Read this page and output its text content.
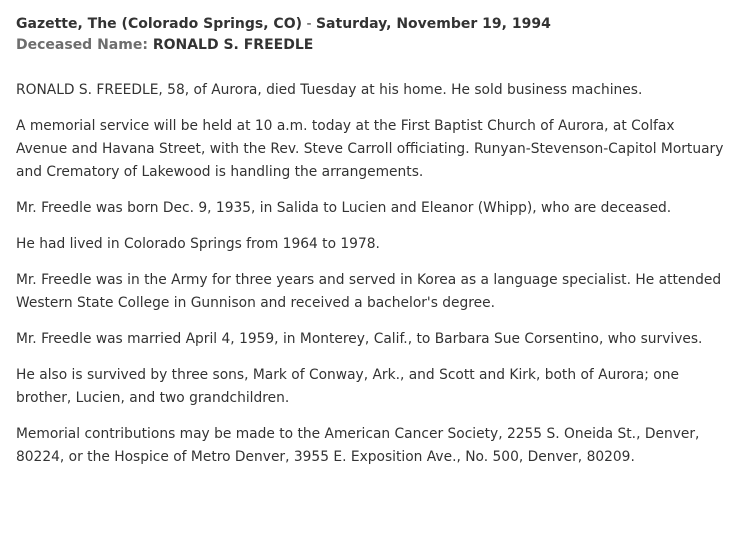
Gazette, The (Colorado Springs, CO) - Saturday, November 19, 1994

Deceased Name: RONALD S. FREEDLE

RONALD S. FREEDLE, 58, of Aurora, died Tuesday at his home. He sold business machines.

A memorial service will be held at 10 a.m. today at the First Baptist Church of Aurora, at Colfax Avenue and Havana Street, with the Rev. Steve Carroll officiating. Runyan-Stevenson-Capitol Mortuary and Crematory of Lakewood is handling the arrangements.

Mr. Freedle was born Dec. 9, 1935, in Salida to Lucien and Eleanor (Whipp), who are deceased.

He had lived in Colorado Springs from 1964 to 1978.

Mr. Freedle was in the Army for three years and served in Korea as a language specialist. He attended Western State College in Gunnison and received a bachelor's degree.

Mr. Freedle was married April 4, 1959, in Monterey, Calif., to Barbara Sue Corsentino, who survives.

He also is survived by three sons, Mark of Conway, Ark., and Scott and Kirk, both of Aurora; one brother, Lucien, and two grandchildren.

Memorial contributions may be made to the American Cancer Society, 2255 S. Oneida St., Denver, 80224, or the Hospice of Metro Denver, 3955 E. Exposition Ave., No. 500, Denver, 80209.
